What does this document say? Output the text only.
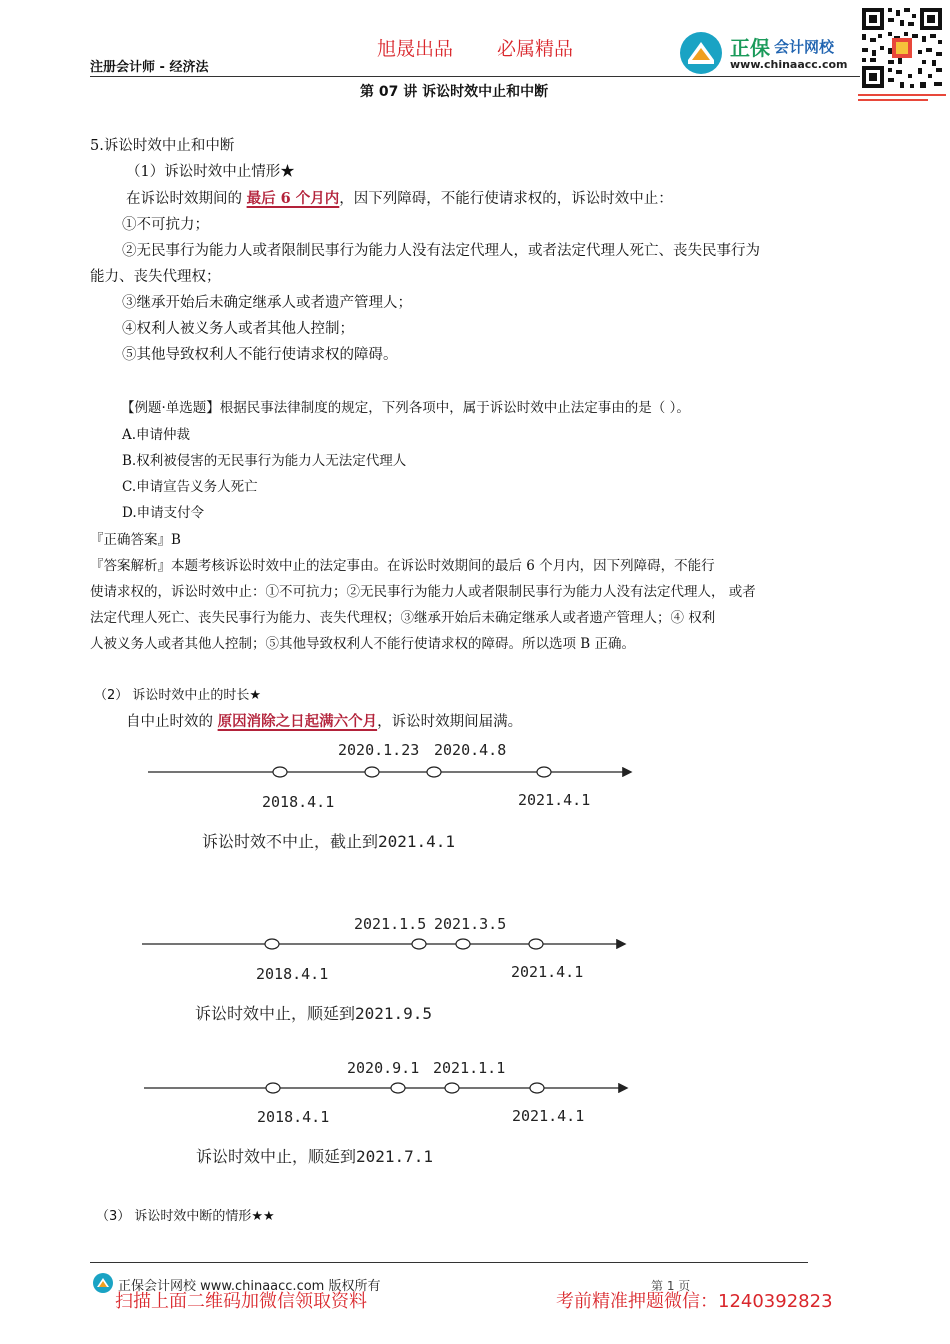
注册会计师 - 经济法
旭晟出品 必属精品	正保 会计网校
www.chinaacc.com
第 07 讲 诉讼时效中止和中断
5.诉讼时效中止和中断
（1）诉讼时效中止情形★
在诉讼时效期间的 最后 6 个月内，因下列障碍，不能行使请求权的，诉讼时效中止：
①不可抗力；
②无民事行为能力人或者限制民事行为能力人没有法定代理人，或者法定代理人死亡、丧失民事行为
能力、丧失代理权；
③继承开始后未确定继承人或者遗产管理人；
④权利人被义务人或者其他人控制；
⑤其他导致权利人不能行使请求权的障碍。
【例题·单选题】根据民事法律制度的规定，下列各项中，属于诉讼时效中止法定事由的是（ ）。
A.申请仲裁
B.权利被侵害的无民事行为能力人无法定代理人
C.申请宣告义务人死亡
D.申请支付令
『正确答案』B
『答案解析』本题考核诉讼时效中止的法定事由。在诉讼时效期间的最后 6 个月内，因下列障碍，不能行
使请求权的，诉讼时效中止：①不可抗力；②无民事行为能力人或者限制民事行为能力人没有法定代理人， 或者
法定代理人死亡、丧失民事行为能力、丧失代理权；③继承开始后未确定继承人或者遗产管理人；④ 权利
人被义务人或者其他人控制；⑤其他导致权利人不能行使请求权的障碍。所以选项 B 正确。
（2） 诉讼时效中止的时长★
自中止时效的 原因消除之日起满六个月，诉讼时效期间届满。
2020.1.23 2020.4.8
2018.4.1	2021.4.1
诉讼时效不中止，截止到2021.4.1
2021.1.5 2021.3.5
2018.4.1	2021.4.1
诉讼时效中止，顺延到2021.9.5
2020.9.1 2021.1.1
2018.4.1	2021.4.1
诉讼时效中止，顺延到2021.7.1
（3） 诉讼时效中断的情形★★
正保会计网校 www.chinaacc.com 版权所有	第 1 页
扫描上面二维码加微信领取资料	考前精准押题微信：1240392823
